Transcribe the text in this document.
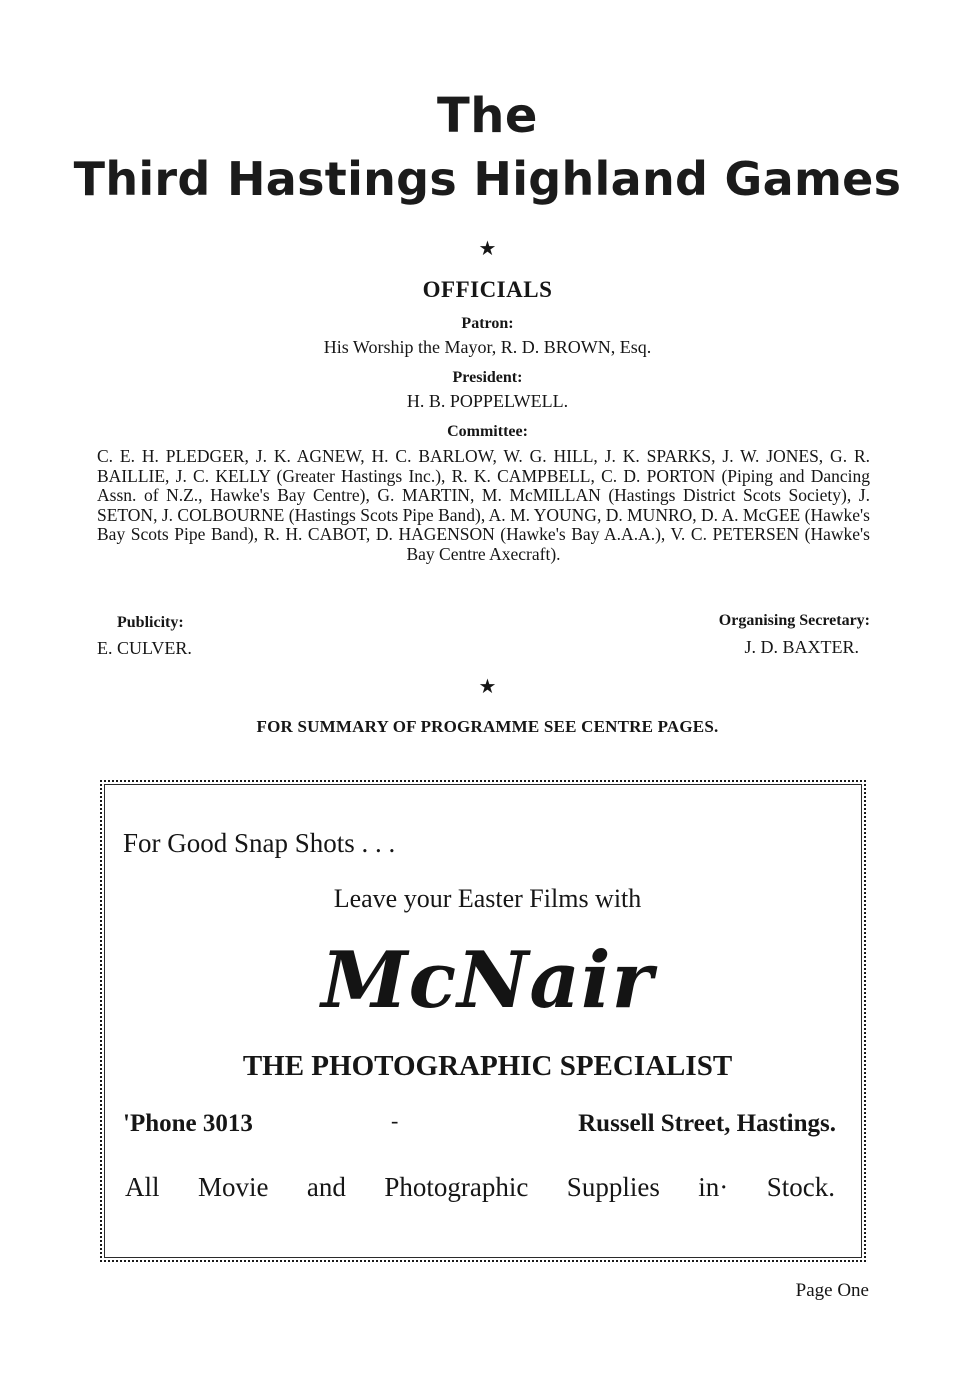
The
Third Hastings Highland Games
★
OFFICIALS
Patron:
His Worship the Mayor, R. D. BROWN, Esq.
President:
H. B. POPPELWELL.
Committee:
C. E. H. PLEDGER, J. K. AGNEW, H. C. BARLOW, W. G. HILL, J. K. SPARKS, J. W. JONES, G. R. BAILLIE, J. C. KELLY (Greater Hastings Inc.), R. K. CAMPBELL, C. D. PORTON (Piping and Dancing Assn. of N.Z., Hawke's Bay Centre), G. MARTIN, M. McMILLAN (Hastings District Scots Society), J. SETON, J. COLBOURNE (Hastings Scots Pipe Band), A. M. YOUNG, D. MUNRO, D. A. McGEE (Hawke's Bay Scots Pipe Band), R. H. CABOT, D. HAGENSON (Hawke's Bay A.A.A.), V. C. PETERSEN (Hawke's Bay Centre Axecraft).
Publicity:
E. CULVER.
Organising Secretary:
J. D. BAXTER.
★
FOR SUMMARY OF PROGRAMME SEE CENTRE PAGES.
For Good Snap Shots . . .
Leave your Easter Films with
McNair
THE PHOTOGRAPHIC SPECIALIST
'Phone 3013	-	Russell Street, Hastings.
All Movie and Photographic Supplies in· Stock.
Page One
